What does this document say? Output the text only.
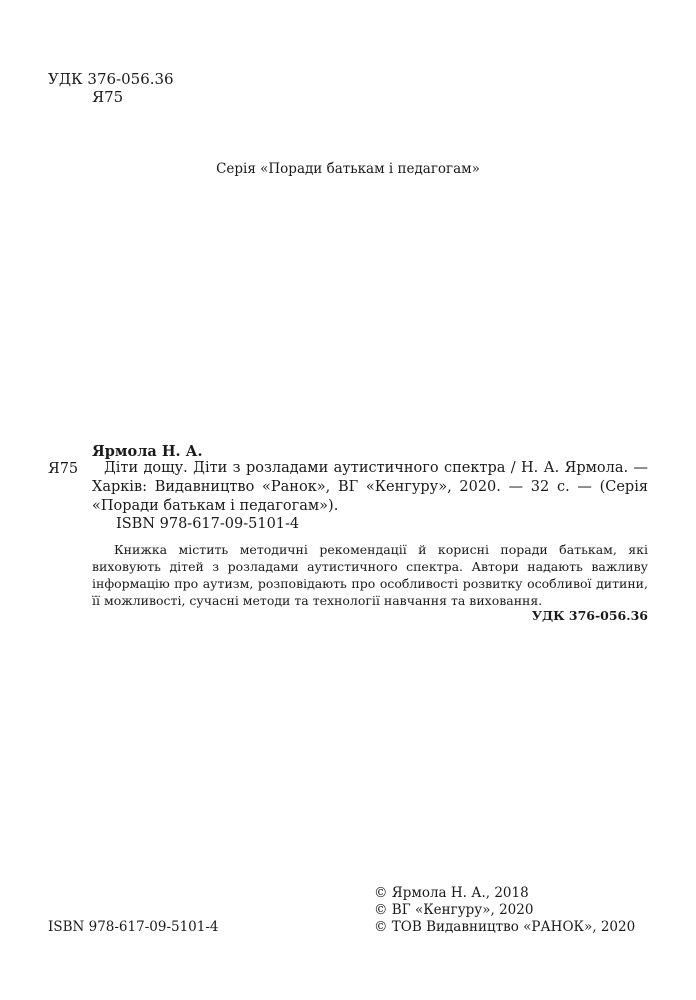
УДК 376-056.36
Я75
Серія «Поради батькам і педагогам»
Ярмола Н. А.
Я75	Діти дощу. Діти з розладами аутистичного спектра / Н. А. Ярмола. —

Харків: Видавництво «Ранок», ВГ «Кенгуру», 2020. — 32 с. — (Серія

«Поради батькам і педагогам»).

ISBN 978-617-09-5101-4
Книжка містить методичні рекомендації й корисні поради батькам, які виховують дітей з розладами аутистичного спектра. Автори надають важливу інформацію про аутизм, розповідають про особливості розвитку особливої дитини, її можливості, сучасні методи та технології навчання та виховання.
УДК 376-056.36
ISBN 978-617-09-5101-4
© Ярмола Н. А., 2018
© ВГ «Кенгуру», 2020
© ТОВ Видавництво «РАНОК», 2020
